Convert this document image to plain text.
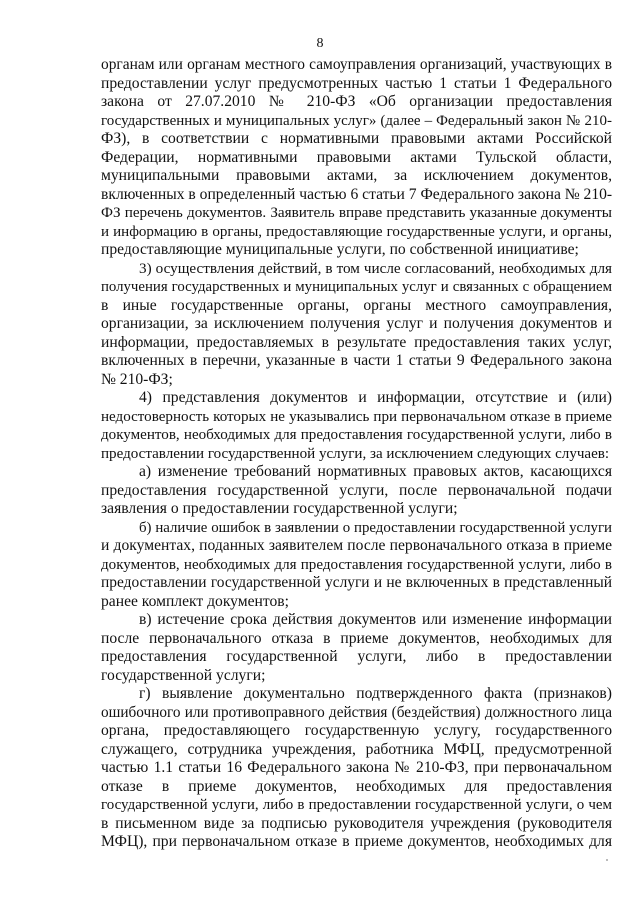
8
органам или органам местного самоуправления организаций, участвующих в
предоставлении услуг предусмотренных частью 1 статьи 1 Федерального
закона от 27.07.2010 № 210-ФЗ «Об организации предоставления
государственных и муниципальных услуг» (далее – Федеральный закон № 210-
ФЗ), в соответствии с нормативными правовыми актами Российской
Федерации, нормативными правовыми актами Тульской области,
муниципальными правовыми актами, за исключением документов,
включенных в определенный частью 6 статьи 7 Федерального закона № 210-
ФЗ перечень документов. Заявитель вправе представить указанные документы
и информацию в органы, предоставляющие государственные услуги, и органы,
предоставляющие муниципальные услуги, по собственной инициативе;
3) осуществления действий, в том числе согласований, необходимых для
получения государственных и муниципальных услуг и связанных с обращением
в иные государственные органы, органы местного самоуправления,
организации, за исключением получения услуг и получения документов и
информации, предоставляемых в результате предоставления таких услуг,
включенных в перечни, указанные в части 1 статьи 9 Федерального закона
№ 210-ФЗ;
4) представления документов и информации, отсутствие и (или)
недостоверность которых не указывались при первоначальном отказе в приеме
документов, необходимых для предоставления государственной услуги, либо в
предоставлении государственной услуги, за исключением следующих случаев:
а) изменение требований нормативных правовых актов, касающихся
предоставления государственной услуги, после первоначальной подачи
заявления о предоставлении государственной услуги;
б) наличие ошибок в заявлении о предоставлении государственной услуги
и документах, поданных заявителем после первоначального отказа в приеме
документов, необходимых для предоставления государственной услуги, либо в
предоставлении государственной услуги и не включенных в представленный
ранее комплект документов;
в) истечение срока действия документов или изменение информации
после первоначального отказа в приеме документов, необходимых для
предоставления государственной услуги, либо в предоставлении
государственной услуги;
г) выявление документально подтвержденного факта (признаков)
ошибочного или противоправного действия (бездействия) должностного лица
органа, предоставляющего государственную услугу, государственного
служащего, сотрудника учреждения, работника МФЦ, предусмотренной
частью 1.1 статьи 16 Федерального закона № 210-ФЗ, при первоначальном
отказе в приеме документов, необходимых для предоставления
государственной услуги, либо в предоставлении государственной услуги, о чем
в письменном виде за подписью руководителя учреждения (руководителя
МФЦ), при первоначальном отказе в приеме документов, необходимых для
